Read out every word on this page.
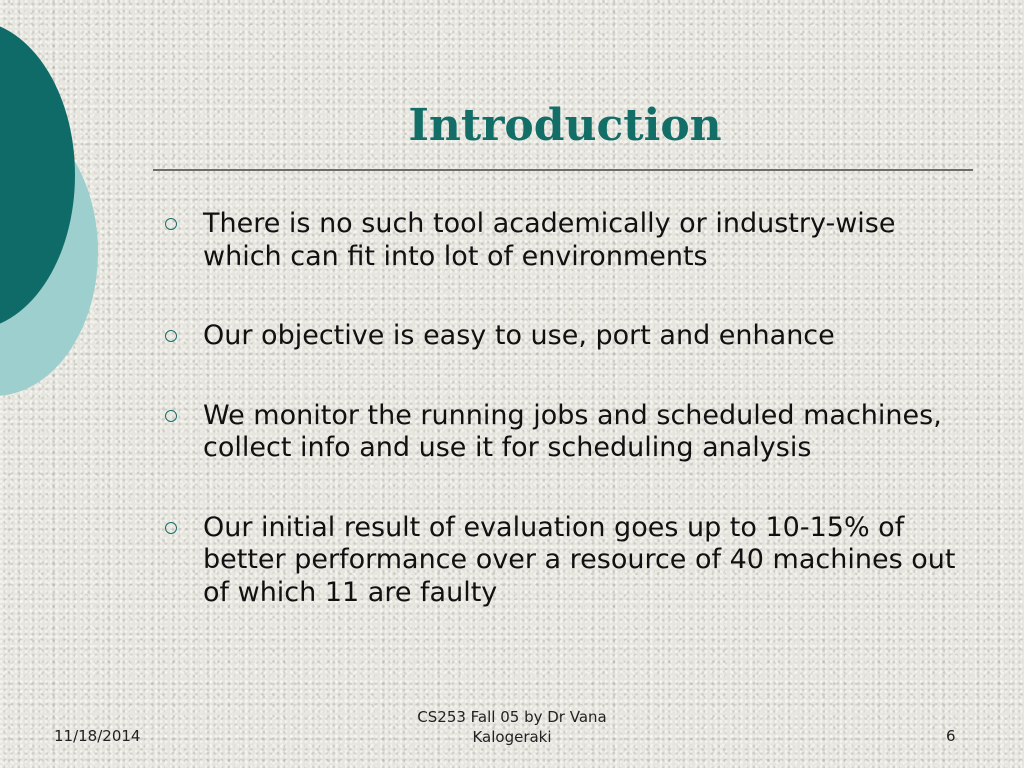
Introduction
There is no such tool academically or industry-wise which can fit into lot of environments
Our objective is easy to use, port and enhance
We monitor the running jobs and scheduled machines, collect info and use it for scheduling analysis
Our initial result of evaluation goes up to 10-15% of better performance over a resource of 40 machines out of which 11 are faulty
11/18/2014
CS253 Fall 05 by Dr Vana
Kalogeraki	6
